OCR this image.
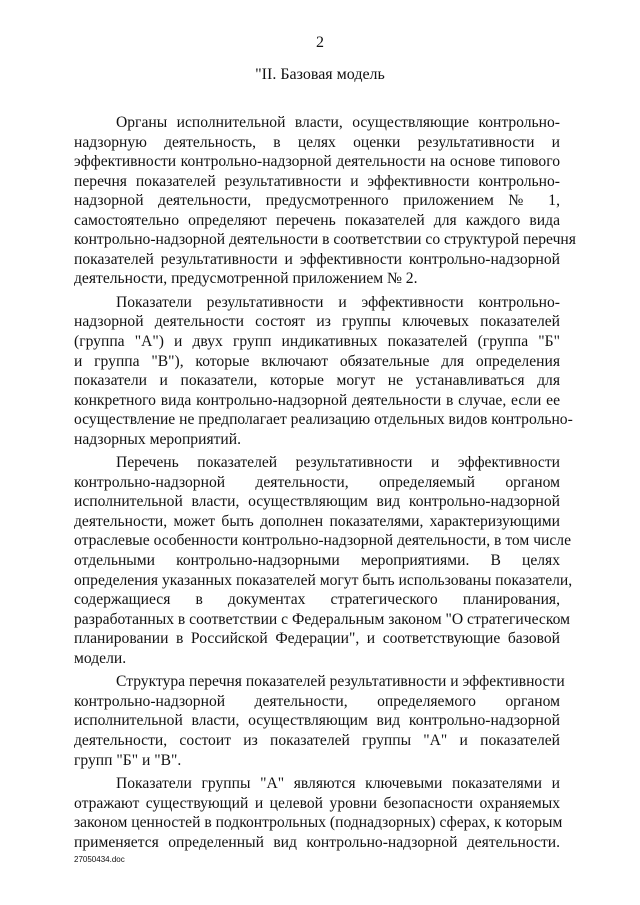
2
"II. Базовая модель
Органы исполнительной власти, осуществляющие контрольно-
надзорную деятельность, в целях оценки результативности и
эффективности контрольно-надзорной деятельности на основе типового
перечня показателей результативности и эффективности контрольно-
надзорной деятельности, предусмотренного приложением № 1,
самостоятельно определяют перечень показателей для каждого вида
контрольно-надзорной деятельности в соответствии со структурой перечня
показателей результативности и эффективности контрольно-надзорной
деятельности, предусмотренной приложением № 2.
Показатели результативности и эффективности контрольно-
надзорной деятельности состоят из группы ключевых показателей
(группа "А") и двух групп индикативных показателей (группа "Б"
и группа "В"), которые включают обязательные для определения
показатели и показатели, которые могут не устанавливаться для
конкретного вида контрольно-надзорной деятельности в случае, если ее
осуществление не предполагает реализацию отдельных видов контрольно-
надзорных мероприятий.
Перечень показателей результативности и эффективности
контрольно-надзорной деятельности, определяемый органом
исполнительной власти, осуществляющим вид контрольно-надзорной
деятельности, может быть дополнен показателями, характеризующими
отраслевые особенности контрольно-надзорной деятельности, в том числе
отдельными контрольно-надзорными мероприятиями. В целях
определения указанных показателей могут быть использованы показатели,
содержащиеся в документах стратегического планирования,
разработанных в соответствии с Федеральным законом "О стратегическом
планировании в Российской Федерации", и соответствующие базовой
модели.
Структура перечня показателей результативности и эффективности
контрольно-надзорной деятельности, определяемого органом
исполнительной власти, осуществляющим вид контрольно-надзорной
деятельности, состоит из показателей группы "А" и показателей
групп "Б" и "В".
Показатели группы "А" являются ключевыми показателями и
отражают существующий и целевой уровни безопасности охраняемых
законом ценностей в подконтрольных (поднадзорных) сферах, к которым
применяется определенный вид контрольно-надзорной деятельности.
27050434.doc
